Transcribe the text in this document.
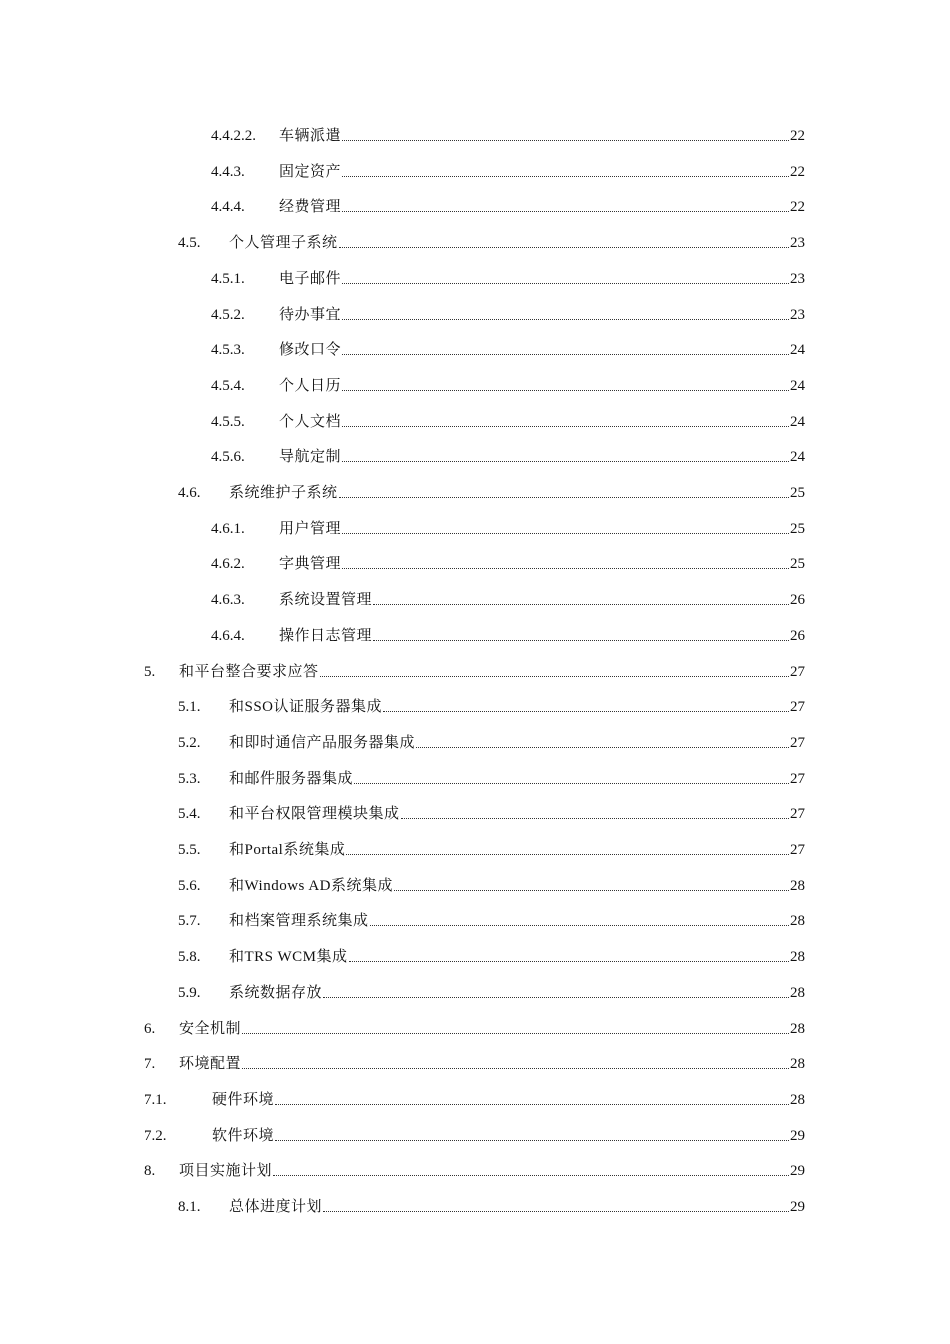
4.4.2.2. 车辆派遣	22
4.4.3. 固定资产	22
4.4.4. 经费管理	22
4.5. 个人管理子系统	23
4.5.1. 电子邮件	23
4.5.2. 待办事宜	23
4.5.3. 修改口令	24
4.5.4. 个人日历	24
4.5.5. 个人文档	24
4.5.6. 导航定制	24
4.6. 系统维护子系统	25
4.6.1. 用户管理	25
4.6.2. 字典管理	25
4.6.3. 系统设置管理	26
4.6.4. 操作日志管理	26
5. 和平台整合要求应答	27
5.1. 和SSO认证服务器集成	27
5.2. 和即时通信产品服务器集成	27
5.3. 和邮件服务器集成	27
5.4. 和平台权限管理模块集成	27
5.5. 和Portal系统集成	27
5.6. 和Windows AD系统集成	28
5.7. 和档案管理系统集成	28
5.8. 和TRS WCM集成	28
5.9. 系统数据存放	28
6. 安全机制	28
7. 环境配置	28
7.1.	硬件环境	28
7.2.	软件环境	29
8. 项目实施计划	29
8.1. 总体进度计划	29
